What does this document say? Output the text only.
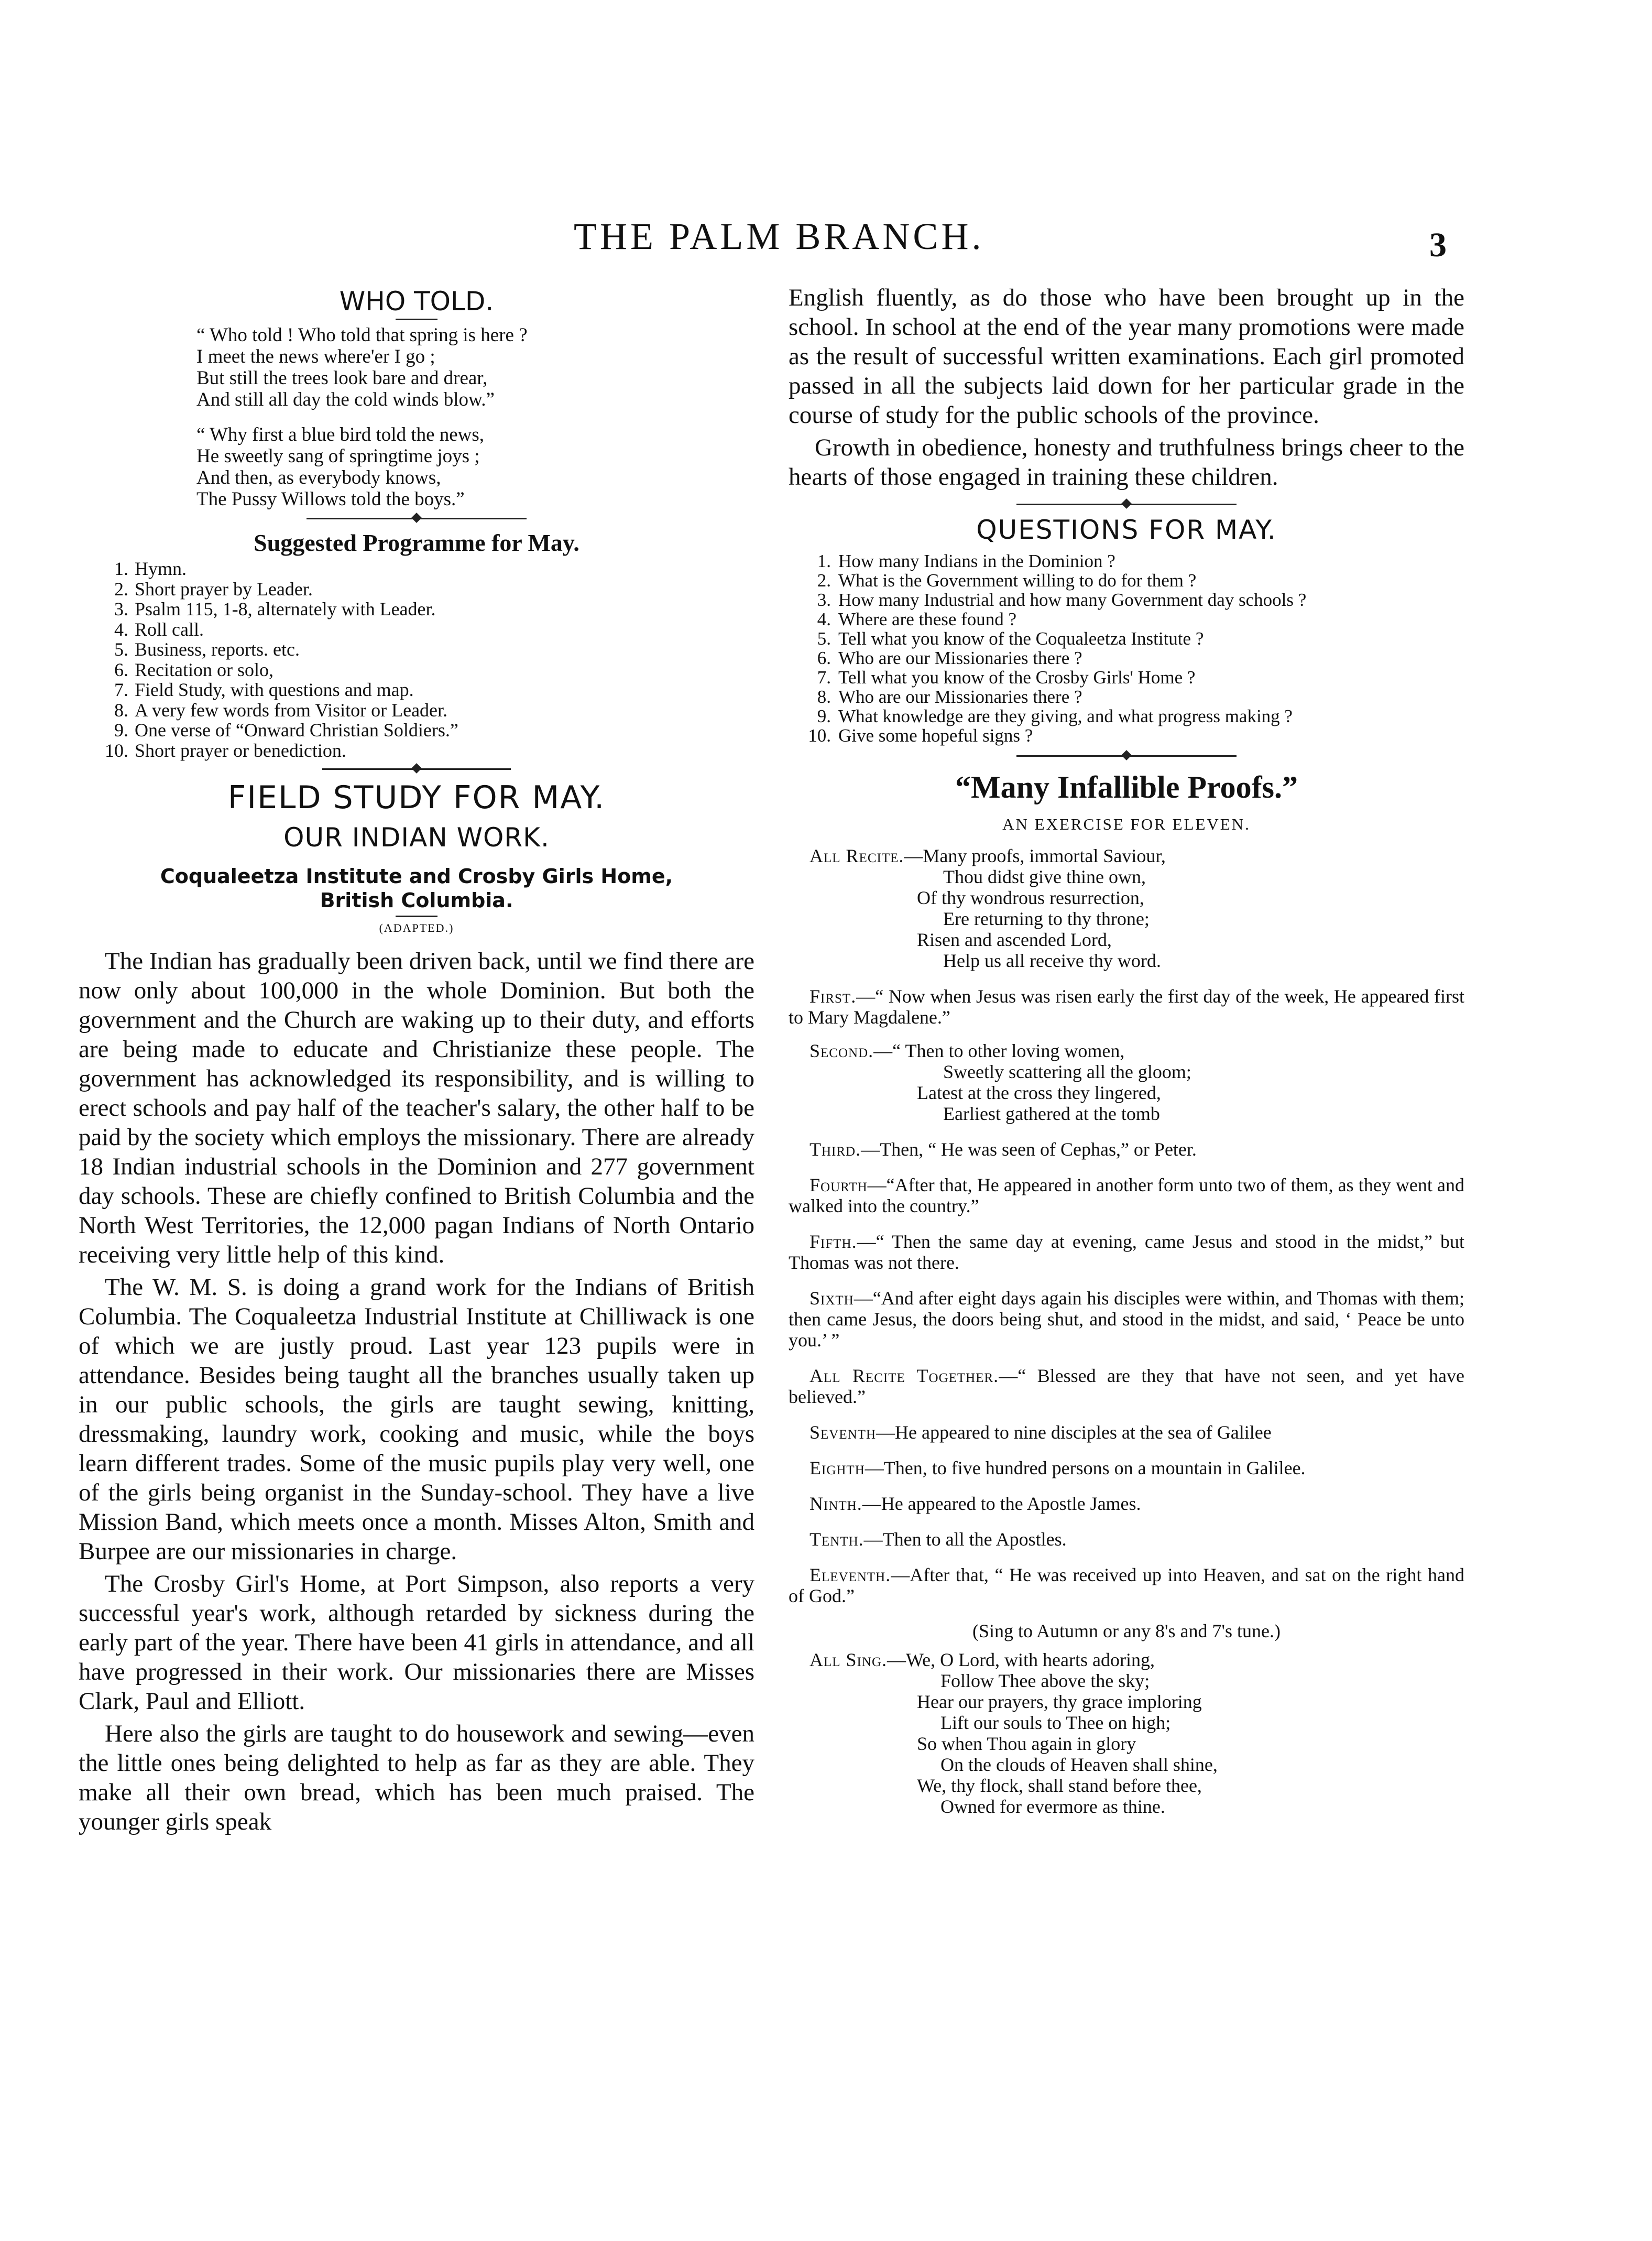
THE PALM BRANCH.	3
WHO TOLD.
“ Who told ! Who told that spring is here ?
I meet the news where'er I go ;
But still the trees look bare and drear,
And still all day the cold winds blow.”
“ Why first a blue bird told the news,
He sweetly sang of springtime joys ;
And then, as everybody knows,
The Pussy Willows told the boys.”
Suggested Programme for May.
1. Hymn.
2. Short prayer by Leader.
3. Psalm 115, 1-8, alternately with Leader.
4. Roll call.
5. Business, reports. etc.
6. Recitation or solo,
7. Field Study, with questions and map.
8. A very few words from Visitor or Leader.
9. One verse of “Onward Christian Soldiers.”
10. Short prayer or benediction.
FIELD STUDY FOR MAY.
OUR INDIAN WORK.
Coqualeetza Institute and Crosby Girls Home,
British Columbia.
(ADAPTED.)

The Indian has gradually been driven back, until we find there are now only about 100,000 in the whole Dominion. But both the government and the Church are waking up to their duty, and efforts are being made to educate and Christianize these people. The government has acknowledged its responsibility, and is willing to erect schools and pay half of the teacher's salary, the other half to be paid by the society which employs the missionary. There are already 18 Indian industrial schools in the Dominion and 277 government day schools. These are chiefly confined to British Columbia and the North West Territories, the 12,000 pagan Indians of North Ontario receiving very little help of this kind.

The W. M. S. is doing a grand work for the Indians of British Columbia. The Coqualeetza Industrial Institute at Chilliwack is one of which we are justly proud. Last year 123 pupils were in attendance. Besides being taught all the branches usually taken up in our public schools, the girls are taught sewing, knitting, dressmaking, laundry work, cooking and music, while the boys learn different trades. Some of the music pupils play very well, one of the girls being organist in the Sunday-school. They have a live Mission Band, which meets once a month. Misses Alton, Smith and Burpee are our missionaries in charge.

The Crosby Girl's Home, at Port Simpson, also reports a very successful year's work, although retarded by sickness during the early part of the year. There have been 41 girls in attendance, and all have progressed in their work. Our missionaries there are Misses Clark, Paul and Elliott.

Here also the girls are taught to do housework and sewing—even the little ones being delighted to help as far as they are able. They make all their own bread, which has been much praised. The younger girls speak

English fluently, as do those who have been brought up in the school. In school at the end of the year many promotions were made as the result of successful written examinations. Each girl promoted passed in all the subjects laid down for her particular grade in the course of study for the public schools of the province.

Growth in obedience, honesty and truthfulness brings cheer to the hearts of those engaged in training these children.

QUESTIONS FOR MAY.
1. How many Indians in the Dominion ?
2. What is the Government willing to do for them ?
3. How many Industrial and how many Government day schools ?
4. Where are these found ?
5. Tell what you know of the Coqualeetza Institute ?
6. Who are our Missionaries there ?
7. Tell what you know of the Crosby Girls' Home ?
8. Who are our Missionaries there ?
9. What knowledge are they giving, and what progress making ?
10. Give some hopeful signs ?
“Many Infallible Proofs.”
AN EXERCISE FOR ELEVEN.
All Recite.—Many proofs, immortal Saviour,
Thou didst give thine own,
Of thy wondrous resurrection,
Ere returning to thy throne;
Risen and ascended Lord,
Help us all receive thy word.
First.—“ Now when Jesus was risen early the first day of the week, He appeared first to Mary Magdalene.”
Second.—“ Then to other loving women,
Sweetly scattering all the gloom;
Latest at the cross they lingered,
Earliest gathered at the tomb
Third.—Then, “ He was seen of Cephas,” or Peter.
Fourth—“After that, He appeared in another form unto two of them, as they went and walked into the country.”
Fifth.—“ Then the same day at evening, came Jesus and stood in the midst,” but Thomas was not there.
Sixth—“And after eight days again his disciples were within, and Thomas with them; then came Jesus, the doors being shut, and stood in the midst, and said, ‘ Peace be unto you.’ ”
All Recite Together.—“ Blessed are they that have not seen, and yet have believed.”
Seventh—He appeared to nine disciples at the sea of Galilee
Eighth—Then, to five hundred persons on a mountain in Galilee.
Ninth.—He appeared to the Apostle James.
Tenth.—Then to all the Apostles.
Eleventh.—After that, “ He was received up into Heaven, and sat on the right hand of God.”
(Sing to Autumn or any 8's and 7's tune.)
All Sing.—We, O Lord, with hearts adoring,
Follow Thee above the sky;
Hear our prayers, thy grace imploring
Lift our souls to Thee on high;
So when Thou again in glory
On the clouds of Heaven shall shine,
We, thy flock, shall stand before thee,
Owned for evermore as thine.
